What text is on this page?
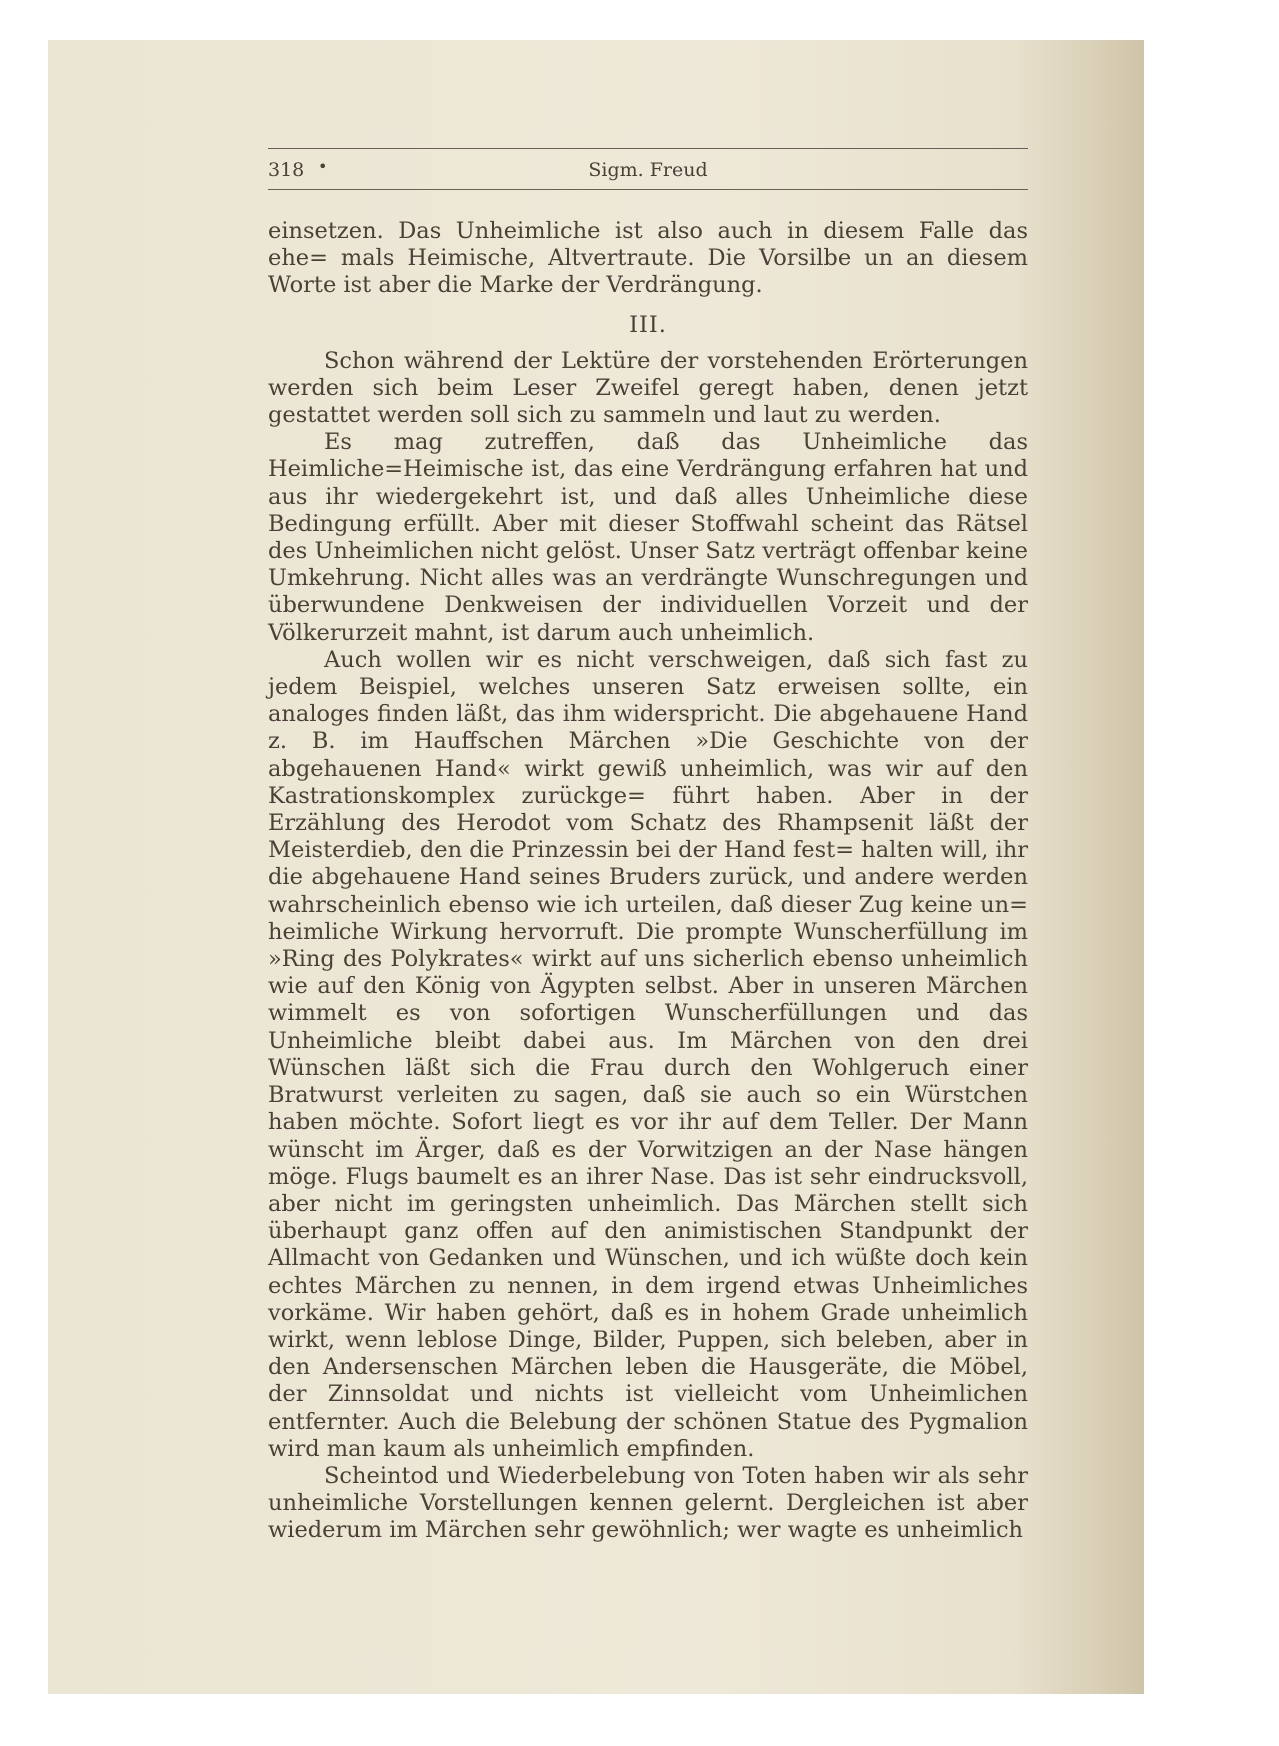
318 •	Sigm. Freud

einsetzen. Das Unheimliche ist also auch in diesem Falle das ehe= mals Heimische, Altvertraute. Die Vorsilbe un an diesem Worte ist aber die Marke der Verdrängung.

III.

Schon während der Lektüre der vorstehenden Erörterungen werden sich beim Leser Zweifel geregt haben, denen jetzt gestattet werden soll sich zu sammeln und laut zu werden.

Es mag zutreffen, daß das Unheimliche das Heimliche=Heimische ist, das eine Verdrängung erfahren hat und aus ihr wiedergekehrt ist, und daß alles Unheimliche diese Bedingung erfüllt. Aber mit dieser Stoffwahl scheint das Rätsel des Unheimlichen nicht gelöst. Unser Satz verträgt offenbar keine Umkehrung. Nicht alles was an verdrängte Wunschregungen und überwundene Denkweisen der individuellen Vorzeit und der Völkerurzeit mahnt, ist darum auch unheimlich.

Auch wollen wir es nicht verschweigen, daß sich fast zu jedem Beispiel, welches unseren Satz erweisen sollte, ein analoges finden läßt, das ihm widerspricht. Die abgehauene Hand z. B. im Hauffschen Märchen »Die Geschichte von der abgehauenen Hand« wirkt gewiß unheimlich, was wir auf den Kastrationskomplex zurückge= führt haben. Aber in der Erzählung des Herodot vom Schatz des Rhampsenit läßt der Meisterdieb, den die Prinzessin bei der Hand fest= halten will, ihr die abgehauene Hand seines Bruders zurück, und andere werden wahrscheinlich ebenso wie ich urteilen, daß dieser Zug keine un= heimliche Wirkung hervorruft. Die prompte Wunscherfüllung im »Ring des Polykrates« wirkt auf uns sicherlich ebenso unheimlich wie auf den König von Ägypten selbst. Aber in unseren Märchen wimmelt es von sofortigen Wunscherfüllungen und das Unheimliche bleibt dabei aus. Im Märchen von den drei Wünschen läßt sich die Frau durch den Wohlgeruch einer Bratwurst verleiten zu sagen, daß sie auch so ein Würstchen haben möchte. Sofort liegt es vor ihr auf dem Teller. Der Mann wünscht im Ärger, daß es der Vorwitzigen an der Nase hängen möge. Flugs baumelt es an ihrer Nase. Das ist sehr eindrucksvoll, aber nicht im geringsten unheimlich. Das Märchen stellt sich überhaupt ganz offen auf den animistischen Standpunkt der Allmacht von Gedanken und Wünschen, und ich wüßte doch kein echtes Märchen zu nennen, in dem irgend etwas Unheimliches vorkäme. Wir haben gehört, daß es in hohem Grade unheimlich wirkt, wenn leblose Dinge, Bilder, Puppen, sich beleben, aber in den Andersenschen Märchen leben die Hausgeräte, die Möbel, der Zinnsoldat und nichts ist vielleicht vom Unheimlichen entfernter. Auch die Belebung der schönen Statue des Pygmalion wird man kaum als unheimlich empfinden.

Scheintod und Wiederbelebung von Toten haben wir als sehr unheimliche Vorstellungen kennen gelernt. Dergleichen ist aber wiederum im Märchen sehr gewöhnlich; wer wagte es unheimlich
